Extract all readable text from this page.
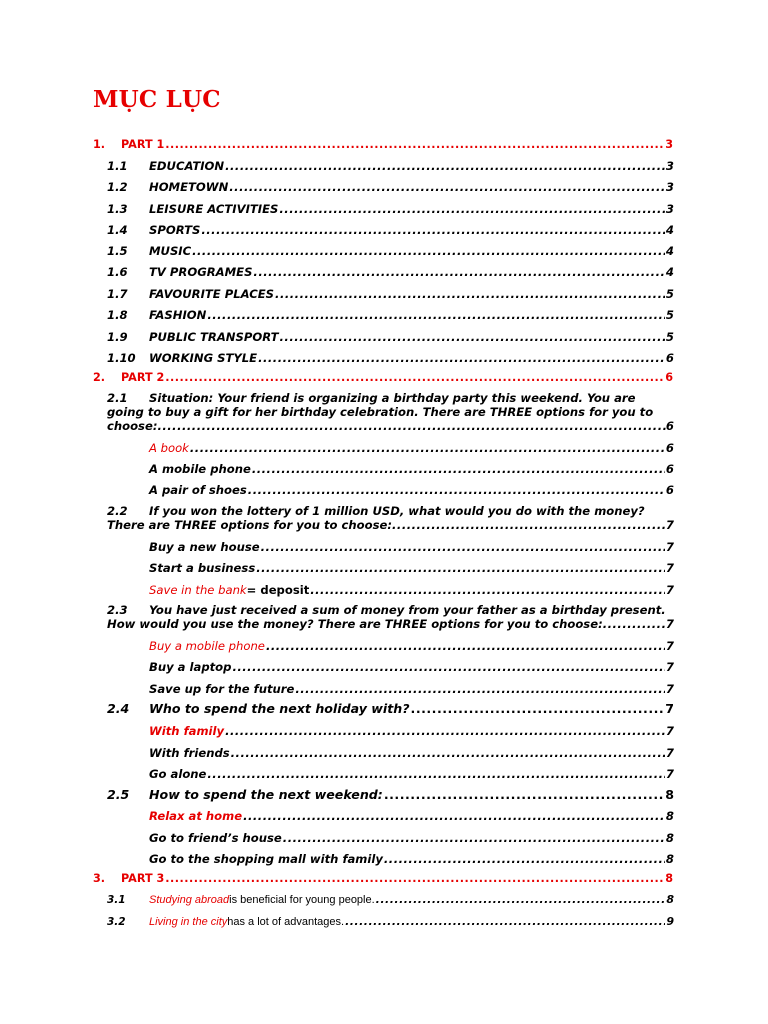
MỤC LỤC
1.	PART 1 .....	3
1.1	EDUCATION .....	3
1.2	HOMETOWN .....	3
1.3	LEISURE ACTIVITIES .....	3
1.4	SPORTS .....	4
1.5	MUSIC .....	4
1.6	TV PROGRAMES .....	4
1.7	FAVOURITE PLACES .....	5
1.8	FASHION .....	5
1.9	PUBLIC TRANSPORT .....	5
1.10	WORKING STYLE .....	6
2.	PART 2 .....	6
2.1	Situation: Your friend is organizing a birthday party this weekend. You are
going to buy a gift for her birthday celebration. There are THREE options for you to
choose: .....	6
A book .....	6
A mobile phone .....	6
A pair of shoes .....	6
2.2	If you won the lottery of 1 million USD, what would you do with the money?
There are THREE options for you to choose: .....	7
Buy a new house .....	7
Start a business .....	7
Save in the bank = deposit .....	7
2.3	You have just received a sum of money from your father as a birthday present.
How would you use the money? There are THREE options for you to choose: .....	7
Buy a mobile phone .....	7
Buy a laptop .....	7
Save up for the future .....	7
2.4	Who to spend the next holiday with? .....	7
With family .....	7
With friends .....	7
Go alone .....	7
2.5	How to spend the next weekend: .....	8
Relax at home .....	8
Go to friend’s house .....	8
Go to the shopping mall with family .....	8
3.	PART 3 .....	8
3.1	Studying abroad is beneficial for young people. .....	8
3.2	Living in the city has a lot of advantages. .....	9
